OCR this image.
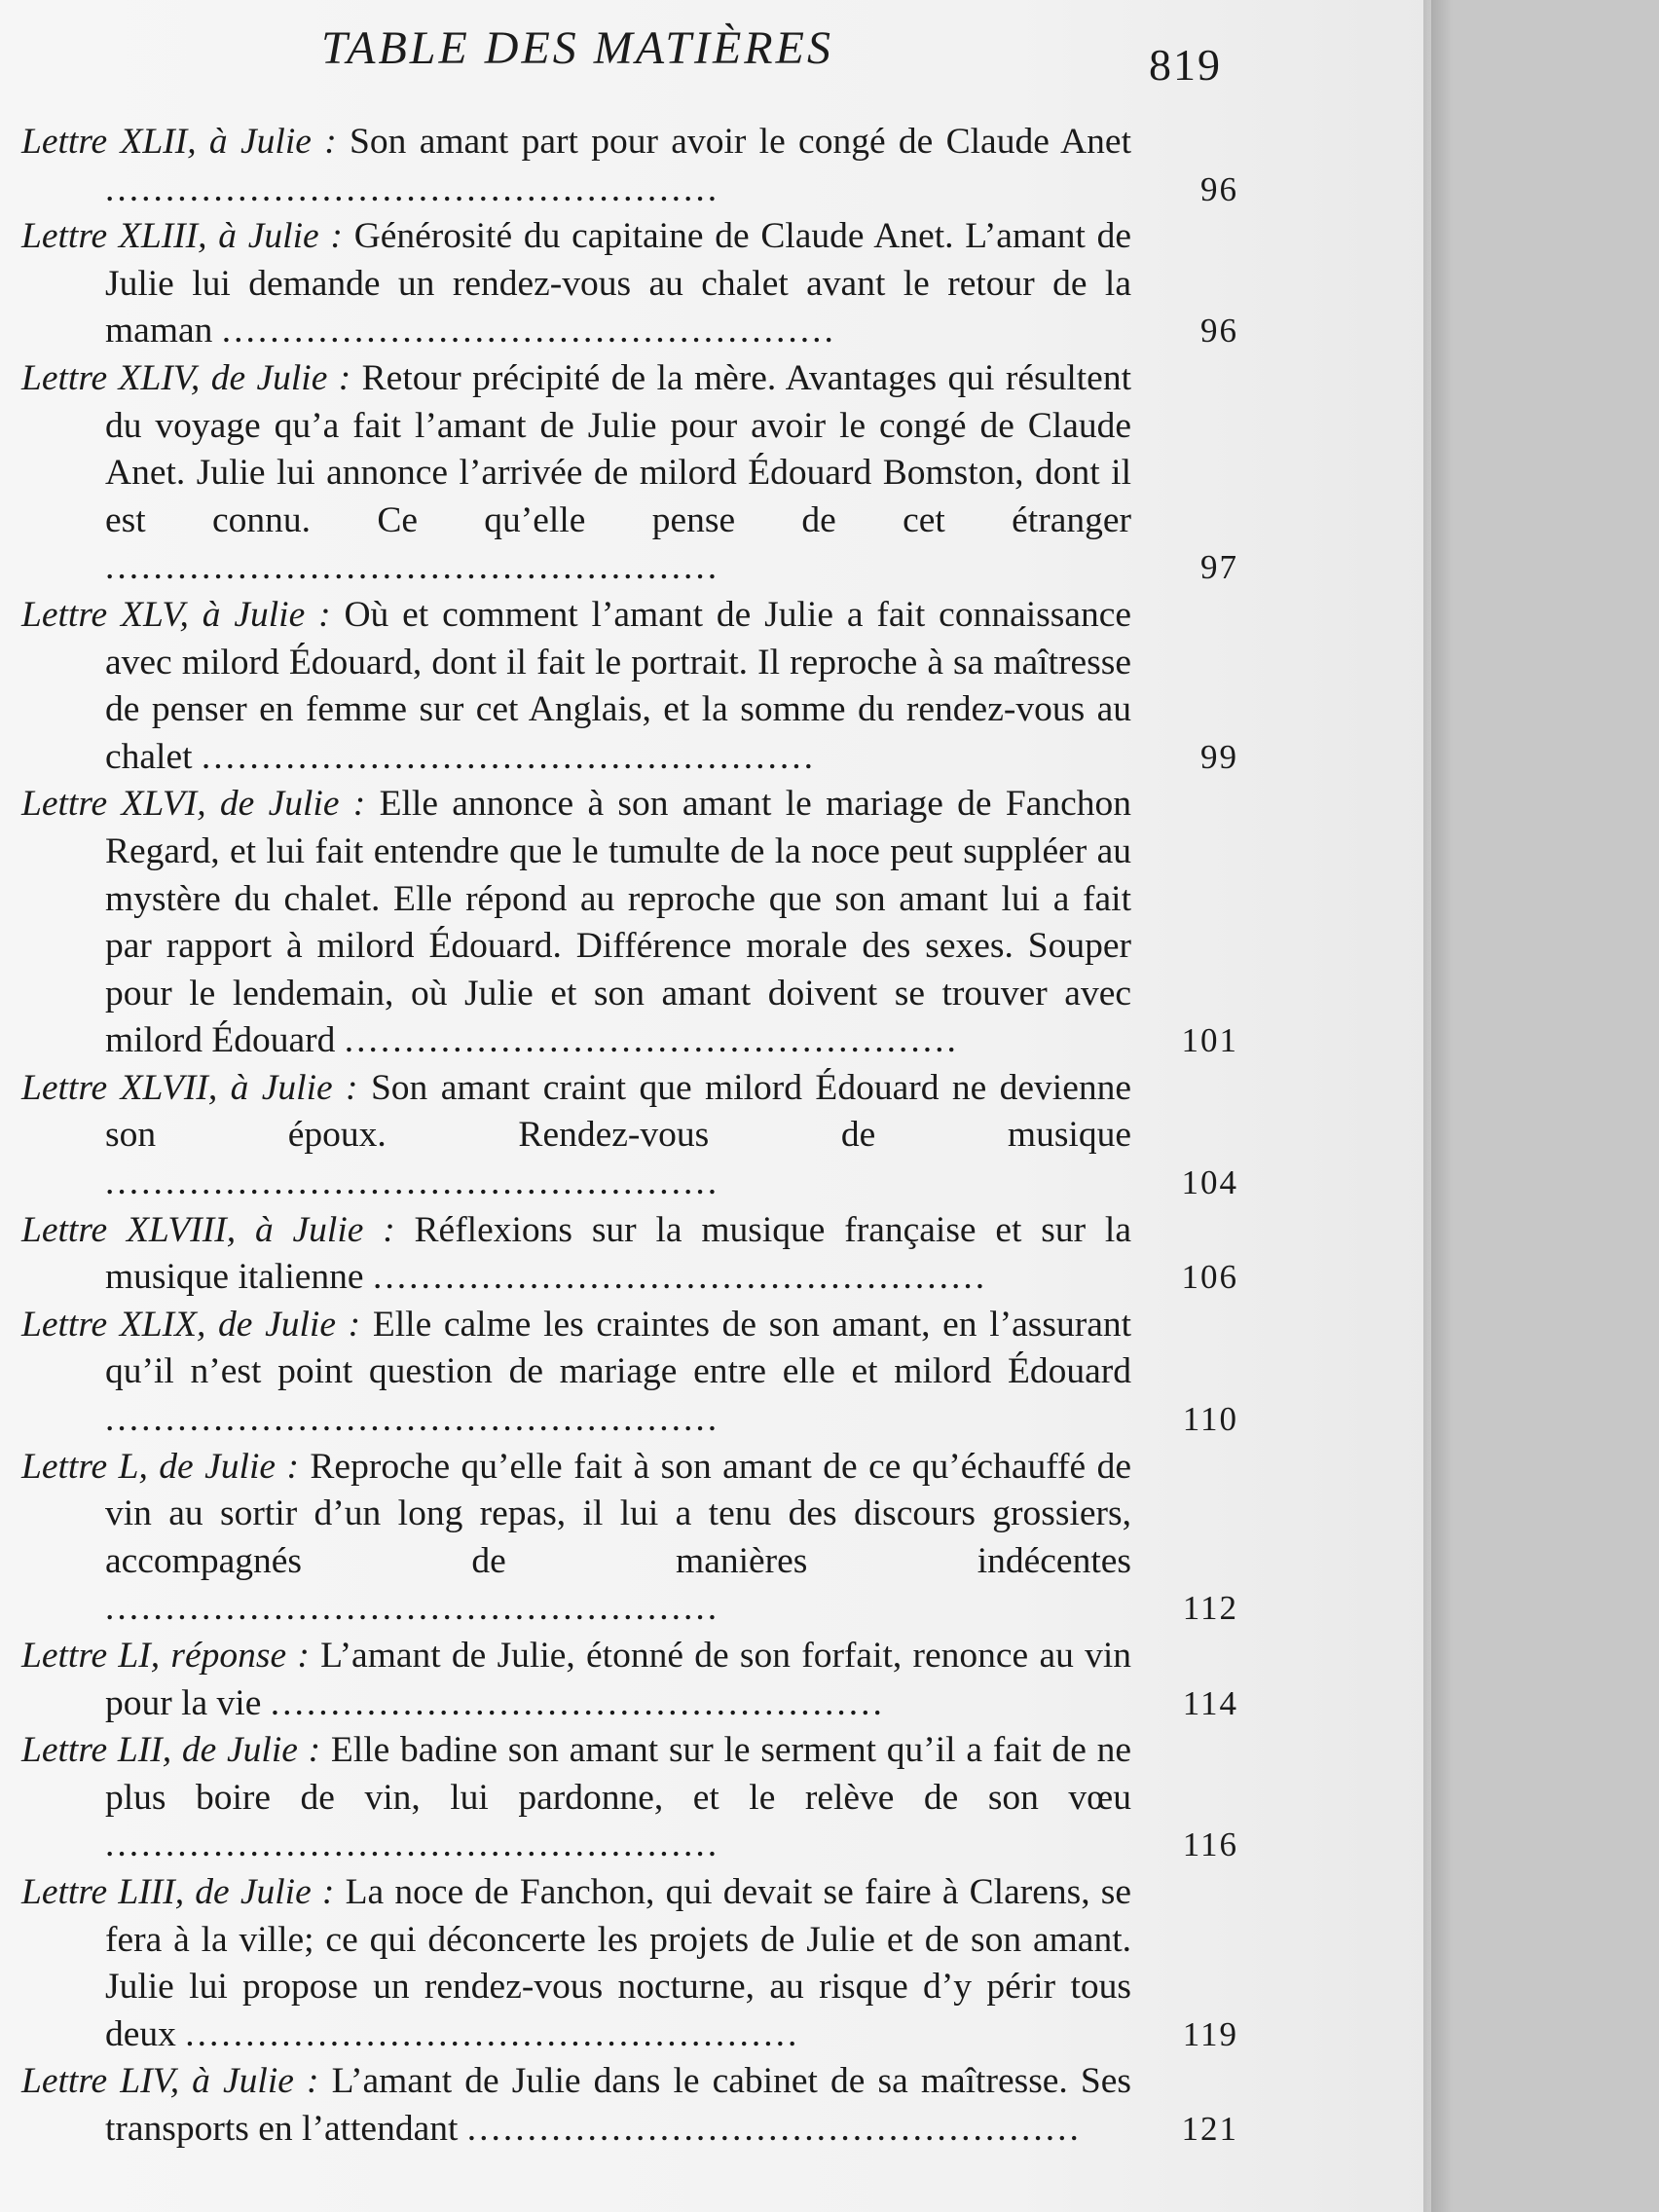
TABLE DES MATIÈRES	819
Lettre XLII, à Julie : Son amant part pour avoir le congé de Claude Anet ...................................................	96
Lettre XLIII, à Julie : Générosité du capitaine de Claude Anet. L’amant de Julie lui demande un rendez-vous au chalet avant le retour de la maman ...................................................	96
Lettre XLIV, de Julie : Retour précipité de la mère. Avantages qui résultent du voyage qu’a fait l’amant de Julie pour avoir le congé de Claude Anet. Julie lui annonce l’arrivée de milord Édouard Bomston, dont il est connu. Ce qu’elle pense de cet étranger ...................................................	97
Lettre XLV, à Julie : Où et comment l’amant de Julie a fait connaissance avec milord Édouard, dont il fait le portrait. Il reproche à sa maîtresse de penser en femme sur cet Anglais, et la somme du rendez-vous au chalet ...................................................	99
Lettre XLVI, de Julie : Elle annonce à son amant le mariage de Fanchon Regard, et lui fait entendre que le tumulte de la noce peut suppléer au mystère du chalet. Elle répond au reproche que son amant lui a fait par rapport à milord Édouard. Différence morale des sexes. Souper pour le lendemain, où Julie et son amant doivent se trouver avec milord Édouard ...................................................	101
Lettre XLVII, à Julie : Son amant craint que milord Édouard ne devienne son époux. Rendez-vous de musique ...................................................	104
Lettre XLVIII, à Julie : Réflexions sur la musique française et sur la musique italienne ...................................................	106
Lettre XLIX, de Julie : Elle calme les craintes de son amant, en l’assurant qu’il n’est point question de mariage entre elle et milord Édouard ...................................................	110
Lettre L, de Julie : Reproche qu’elle fait à son amant de ce qu’échauffé de vin au sortir d’un long repas, il lui a tenu des discours grossiers, accompagnés de manières indécentes ...................................................	112
Lettre LI, réponse : L’amant de Julie, étonné de son forfait, renonce au vin pour la vie ...................................................	114
Lettre LII, de Julie : Elle badine son amant sur le serment qu’il a fait de ne plus boire de vin, lui pardonne, et le relève de son vœu ...................................................	116
Lettre LIII, de Julie : La noce de Fanchon, qui devait se faire à Clarens, se fera à la ville; ce qui déconcerte les projets de Julie et de son amant. Julie lui propose un rendez-vous nocturne, au risque d’y périr tous deux ...................................................	119
Lettre LIV, à Julie : L’amant de Julie dans le cabinet de sa maîtresse. Ses transports en l’attendant ...................................................	121
